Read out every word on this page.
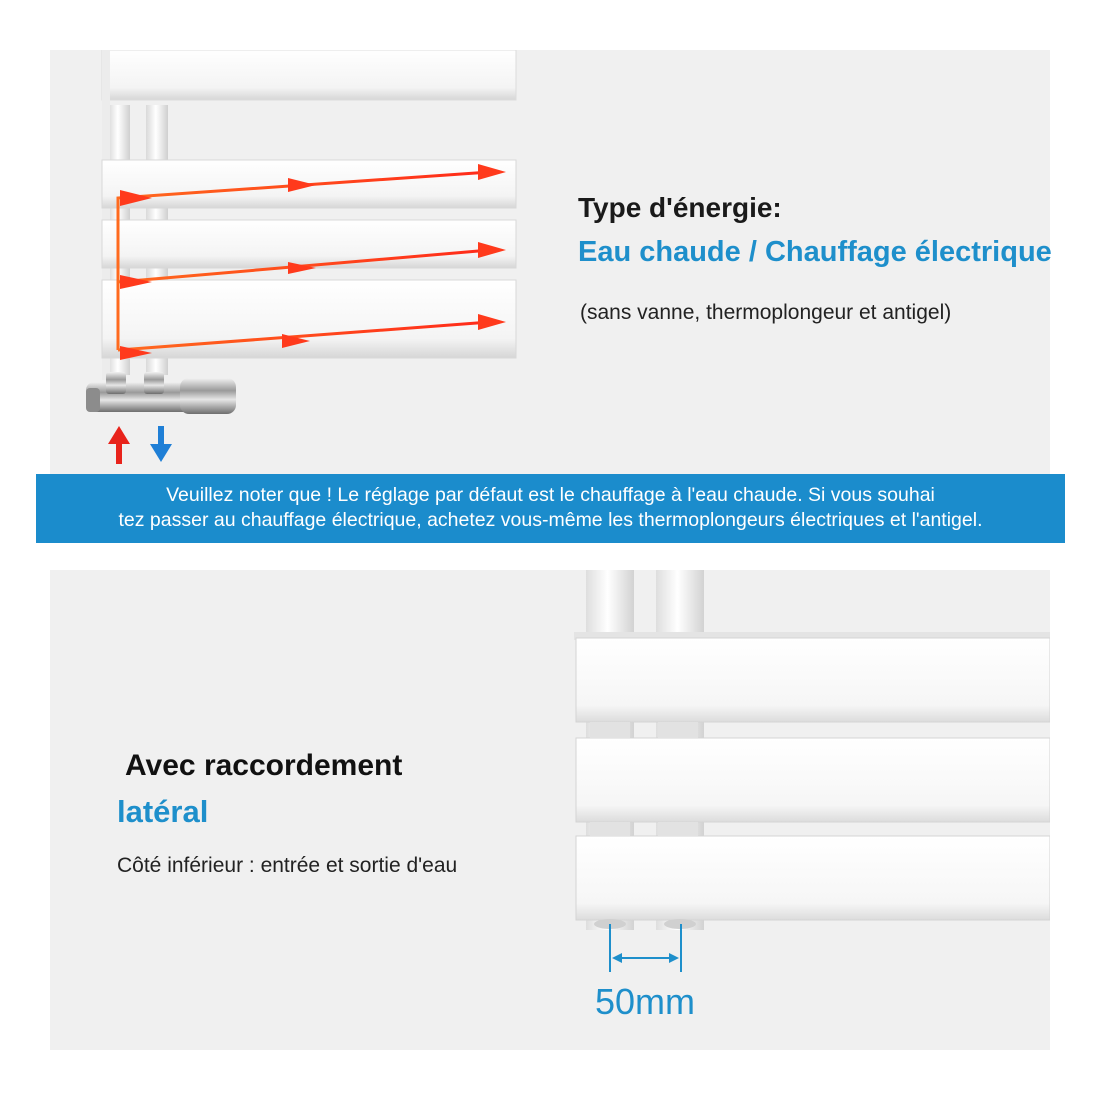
Type d'énergie:
Eau chaude / Chauffage électrique
(sans vanne, thermoplongeur et antigel)
Veuillez noter que ! Le réglage par défaut est le chauffage à l'eau chaude. Si vous souhai
tez passer au chauffage électrique, achetez vous-même les thermoplongeurs électriques et l'antigel.
Avec raccordement
latéral
Côté inférieur : entrée et sortie d'eau
50mm
